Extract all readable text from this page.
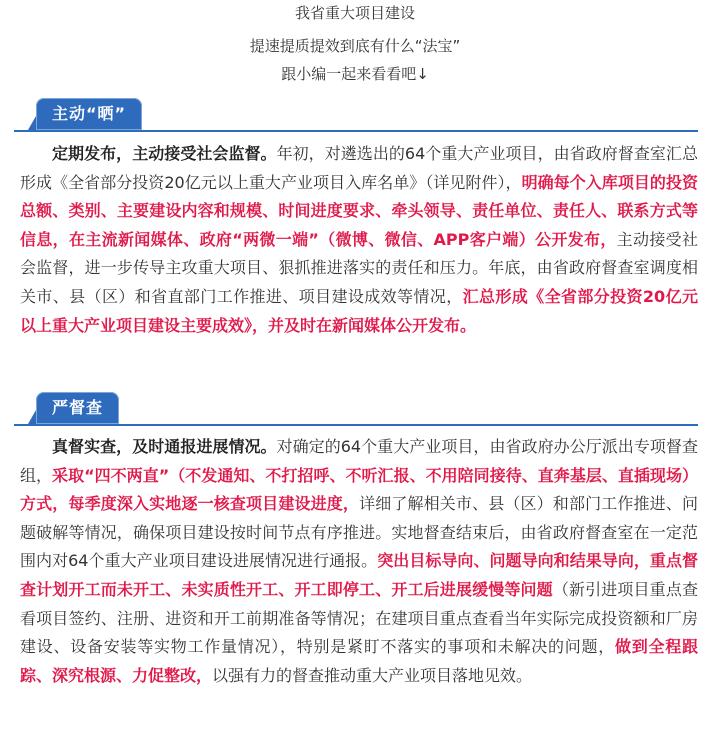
我省重大项目建设
提速提质提效到底有什么“法宝”
跟小编一起来看看吧↓
主动“晒”

定期发布，主动接受社会监督。年初，对遴选出的64个重大产业项目，由省政府督查室汇总形成《全省部分投资20亿元以上重大产业项目入库名单》（详见附件），明确每个入库项目的投资总额、类别、主要建设内容和规模、时间进度要求、牵头领导、责任单位、责任人、联系方式等信息，在主流新闻媒体、政府“两微一端”（微博、微信、APP客户端）公开发布，主动接受社会监督，进一步传导主攻重大项目、狠抓推进落实的责任和压力。年底，由省政府督查室调度相关市、县（区）和省直部门工作推进、项目建设成效等情况，汇总形成《全省部分投资20亿元以上重大产业项目建设主要成效》，并及时在新闻媒体公开发布。

严督查

真督实查，及时通报进展情况。对确定的64个重大产业项目，由省政府办公厅派出专项督查组，采取“四不两直”（不发通知、不打招呼、不听汇报、不用陪同接待、直奔基层、直插现场）方式，每季度深入实地逐一核查项目建设进度，详细了解相关市、县（区）和部门工作推进、问题破解等情况，确保项目建设按时间节点有序推进。实地督查结束后，由省政府督查室在一定范围内对64个重大产业项目建设进展情况进行通报。突出目标导向、问题导向和结果导向，重点督查计划开工而未开工、未实质性开工、开工即停工、开工后进展缓慢等问题（新引进项目重点查看项目签约、注册、进资和开工前期准备等情况；在建项目重点查看当年实际完成投资额和厂房建设、设备安装等实物工作量情况），特别是紧盯不落实的事项和未解决的问题，做到全程跟踪、深究根源、力促整改，以强有力的督查推动重大产业项目落地见效。
